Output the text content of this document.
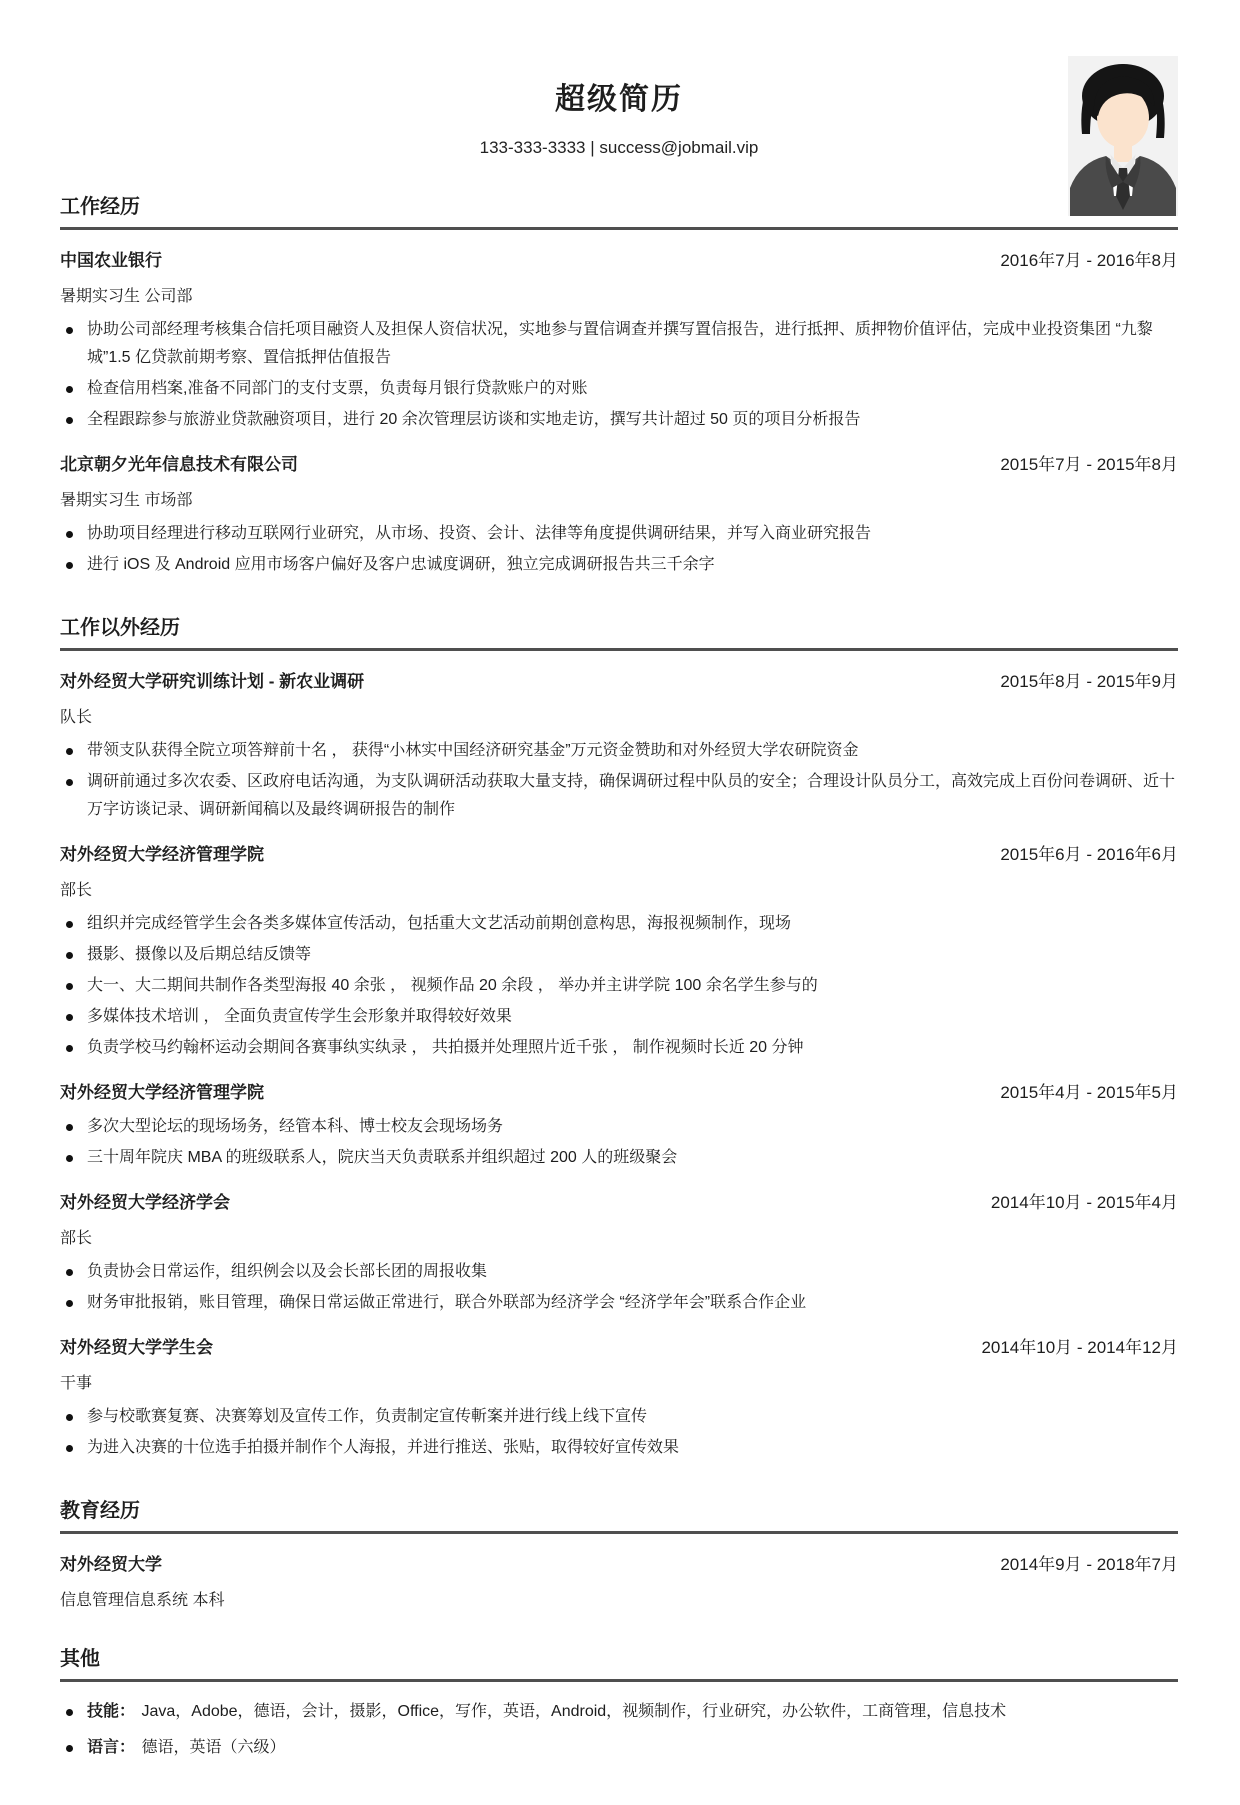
超级简历
133-333-3333 | success@jobmail.vip
工作经历
中国农业银行	2016年7月 - 2016年8月
暑期实习生 公司部
协助公司部经理考核集合信托项目融资人及担保人资信状况，实地参与置信调查并撰写置信报告，进行抵押、质押物价值评估，完成中业投资集团 “九黎城”1.5 亿贷款前期考察、置信抵押估值报告
检查信用档案,准备不同部门的支付支票，负责每月银行贷款账户的对账
全程跟踪参与旅游业贷款融资项目，进行 20 余次管理层访谈和实地走访，撰写共计超过 50 页的项目分析报告
北京朝夕光年信息技术有限公司	2015年7月 - 2015年8月
暑期实习生 市场部
协助项目经理进行移动互联网行业研究，从市场、投资、会计、法律等角度提供调研结果，并写入商业研究报告
进行 iOS 及 Android 应用市场客户偏好及客户忠诚度调研，独立完成调研报告共三千余字
工作以外经历
对外经贸大学研究训练计划 - 新农业调研	2015年8月 - 2015年9月
队长
带领支队获得全院立项答辩前十名 ， 获得“小林实中国经济研究基金”万元资金赞助和对外经贸大学农研院资金
调研前通过多次农委、区政府电话沟通，为支队调研活动获取大量支持，确保调研过程中队员的安全；合理设计队员分工，高效完成上百份问卷调研、近十万字访谈记录、调研新闻稿以及最终调研报告的制作
对外经贸大学经济管理学院	2015年6月 - 2016年6月
部长
组织并完成经管学生会各类多媒体宣传活动，包括重大文艺活动前期创意构思，海报视频制作，现场
摄影、摄像以及后期总结反馈等
大一、大二期间共制作各类型海报 40 余张 ， 视频作品 20 余段 ， 举办并主讲学院 100 余名学生参与的
多媒体技术培训 ， 全面负责宣传学生会形象并取得较好效果
负责学校马约翰杯运动会期间各赛事纨实纨录 ， 共拍摄并处理照片近千张 ， 制作视频时长近 20 分钟
对外经贸大学经济管理学院	2015年4月 - 2015年5月
多次大型论坛的现场场务，经管本科、博士校友会现场场务
三十周年院庆 MBA 的班级联系人，院庆当天负责联系并组织超过 200 人的班级聚会
对外经贸大学经济学会	2014年10月 - 2015年4月
部长
负责协会日常运作，组织例会以及会长部长团的周报收集
财务审批报销，账目管理，确保日常运做正常进行，联合外联部为经济学会 “经济学年会”联系合作企业
对外经贸大学学生会	2014年10月 - 2014年12月
干事
参与校歌赛复赛、决赛筹划及宣传工作，负责制定宣传斬案并进行线上线下宣传
为进入决赛的十位选手拍摄并制作个人海报，并进行推送、张贴，取得较好宣传效果
教育经历
对外经贸大学	2014年9月 - 2018年7月
信息管理信息系统 本科
其他
技能： Java，Adobe，德语，会计，摄影，Office，写作，英语，Android，视频制作，行业研究，办公软件，工商管理，信息技术
语言： 德语，英语（六级）
